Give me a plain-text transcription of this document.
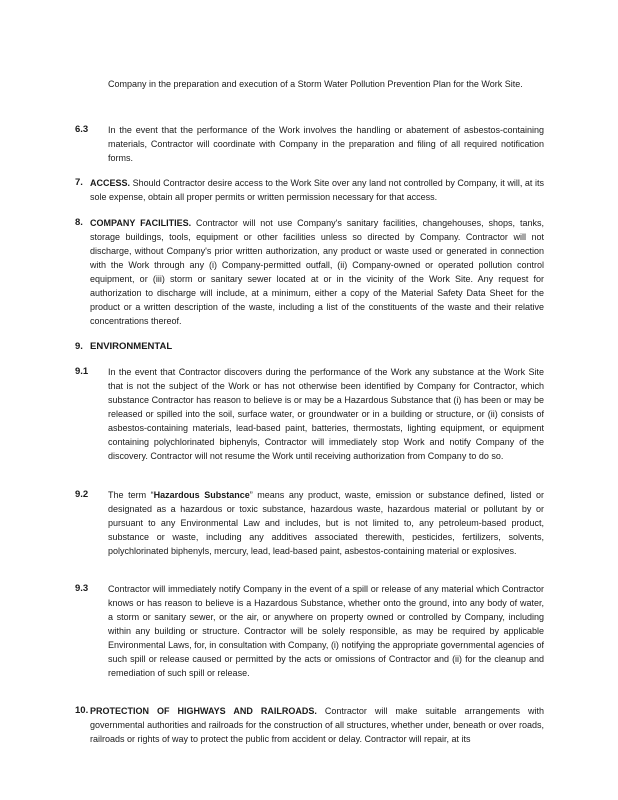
Company in the preparation and execution of a Storm Water Pollution Prevention Plan for the Work Site.

6.3 In the event that the performance of the Work involves the handling or abatement of asbestos-containing materials, Contractor will coordinate with Company in the preparation and filing of all required notification forms.

7. ACCESS. Should Contractor desire access to the Work Site over any land not controlled by Company, it will, at its sole expense, obtain all proper permits or written permission necessary for that access.

8. COMPANY FACILITIES. Contractor will not use Company's sanitary facilities, changehouses, shops, tanks, storage buildings, tools, equipment or other facilities unless so directed by Company. Contractor will not discharge, without Company's prior written authorization, any product or waste used or generated in connection with the Work through any (i) Company-permitted outfall, (ii) Company-owned or operated pollution control equipment, or (iii) storm or sanitary sewer located at or in the vicinity of the Work Site. Any request for authorization to discharge will include, at a minimum, either a copy of the Material Safety Data Sheet for the product or a written description of the waste, including a list of the constituents of the waste and their relative concentrations thereof.

9. ENVIRONMENTAL
9.1 In the event that Contractor discovers during the performance of the Work any substance at the Work Site that is not the subject of the Work or has not otherwise been identified by Company for Contractor, which substance Contractor has reason to believe is or may be a Hazardous Substance that (i) has been or may be released or spilled into the soil, surface water, or groundwater or in a building or structure, or (ii) consists of asbestos-containing materials, lead-based paint, batteries, thermostats, lighting equipment, or equipment containing polychlorinated biphenyls, Contractor will immediately stop Work and notify Company of the discovery. Contractor will not resume the Work until receiving authorization from Company to do so.

9.2 The term “Hazardous Substance” means any product, waste, emission or substance defined, listed or designated as a hazardous or toxic substance, hazardous waste, hazardous material or pollutant by or pursuant to any Environmental Law and includes, but is not limited to, any petroleum-based product, substance or waste, including any additives associated therewith, pesticides, fertilizers, solvents, polychlorinated biphenyls, mercury, lead, lead-based paint, asbestos-containing material or explosives.

9.3 Contractor will immediately notify Company in the event of a spill or release of any material which Contractor knows or has reason to believe is a Hazardous Substance, whether onto the ground, into any body of water, a storm or sanitary sewer, or the air, or anywhere on property owned or controlled by Company, including within any building or structure. Contractor will be solely responsible, as may be required by applicable Environmental Laws, for, in consultation with Company, (i) notifying the appropriate governmental agencies of such spill or release caused or permitted by the acts or omissions of Contractor and (ii) for the cleanup and remediation of such spill or release.

10. PROTECTION OF HIGHWAYS AND RAILROADS. Contractor will make suitable arrangements with governmental authorities and railroads for the construction of all structures, whether under, beneath or over roads, railroads or rights of way to protect the public from accident or delay. Contractor will repair, at its
